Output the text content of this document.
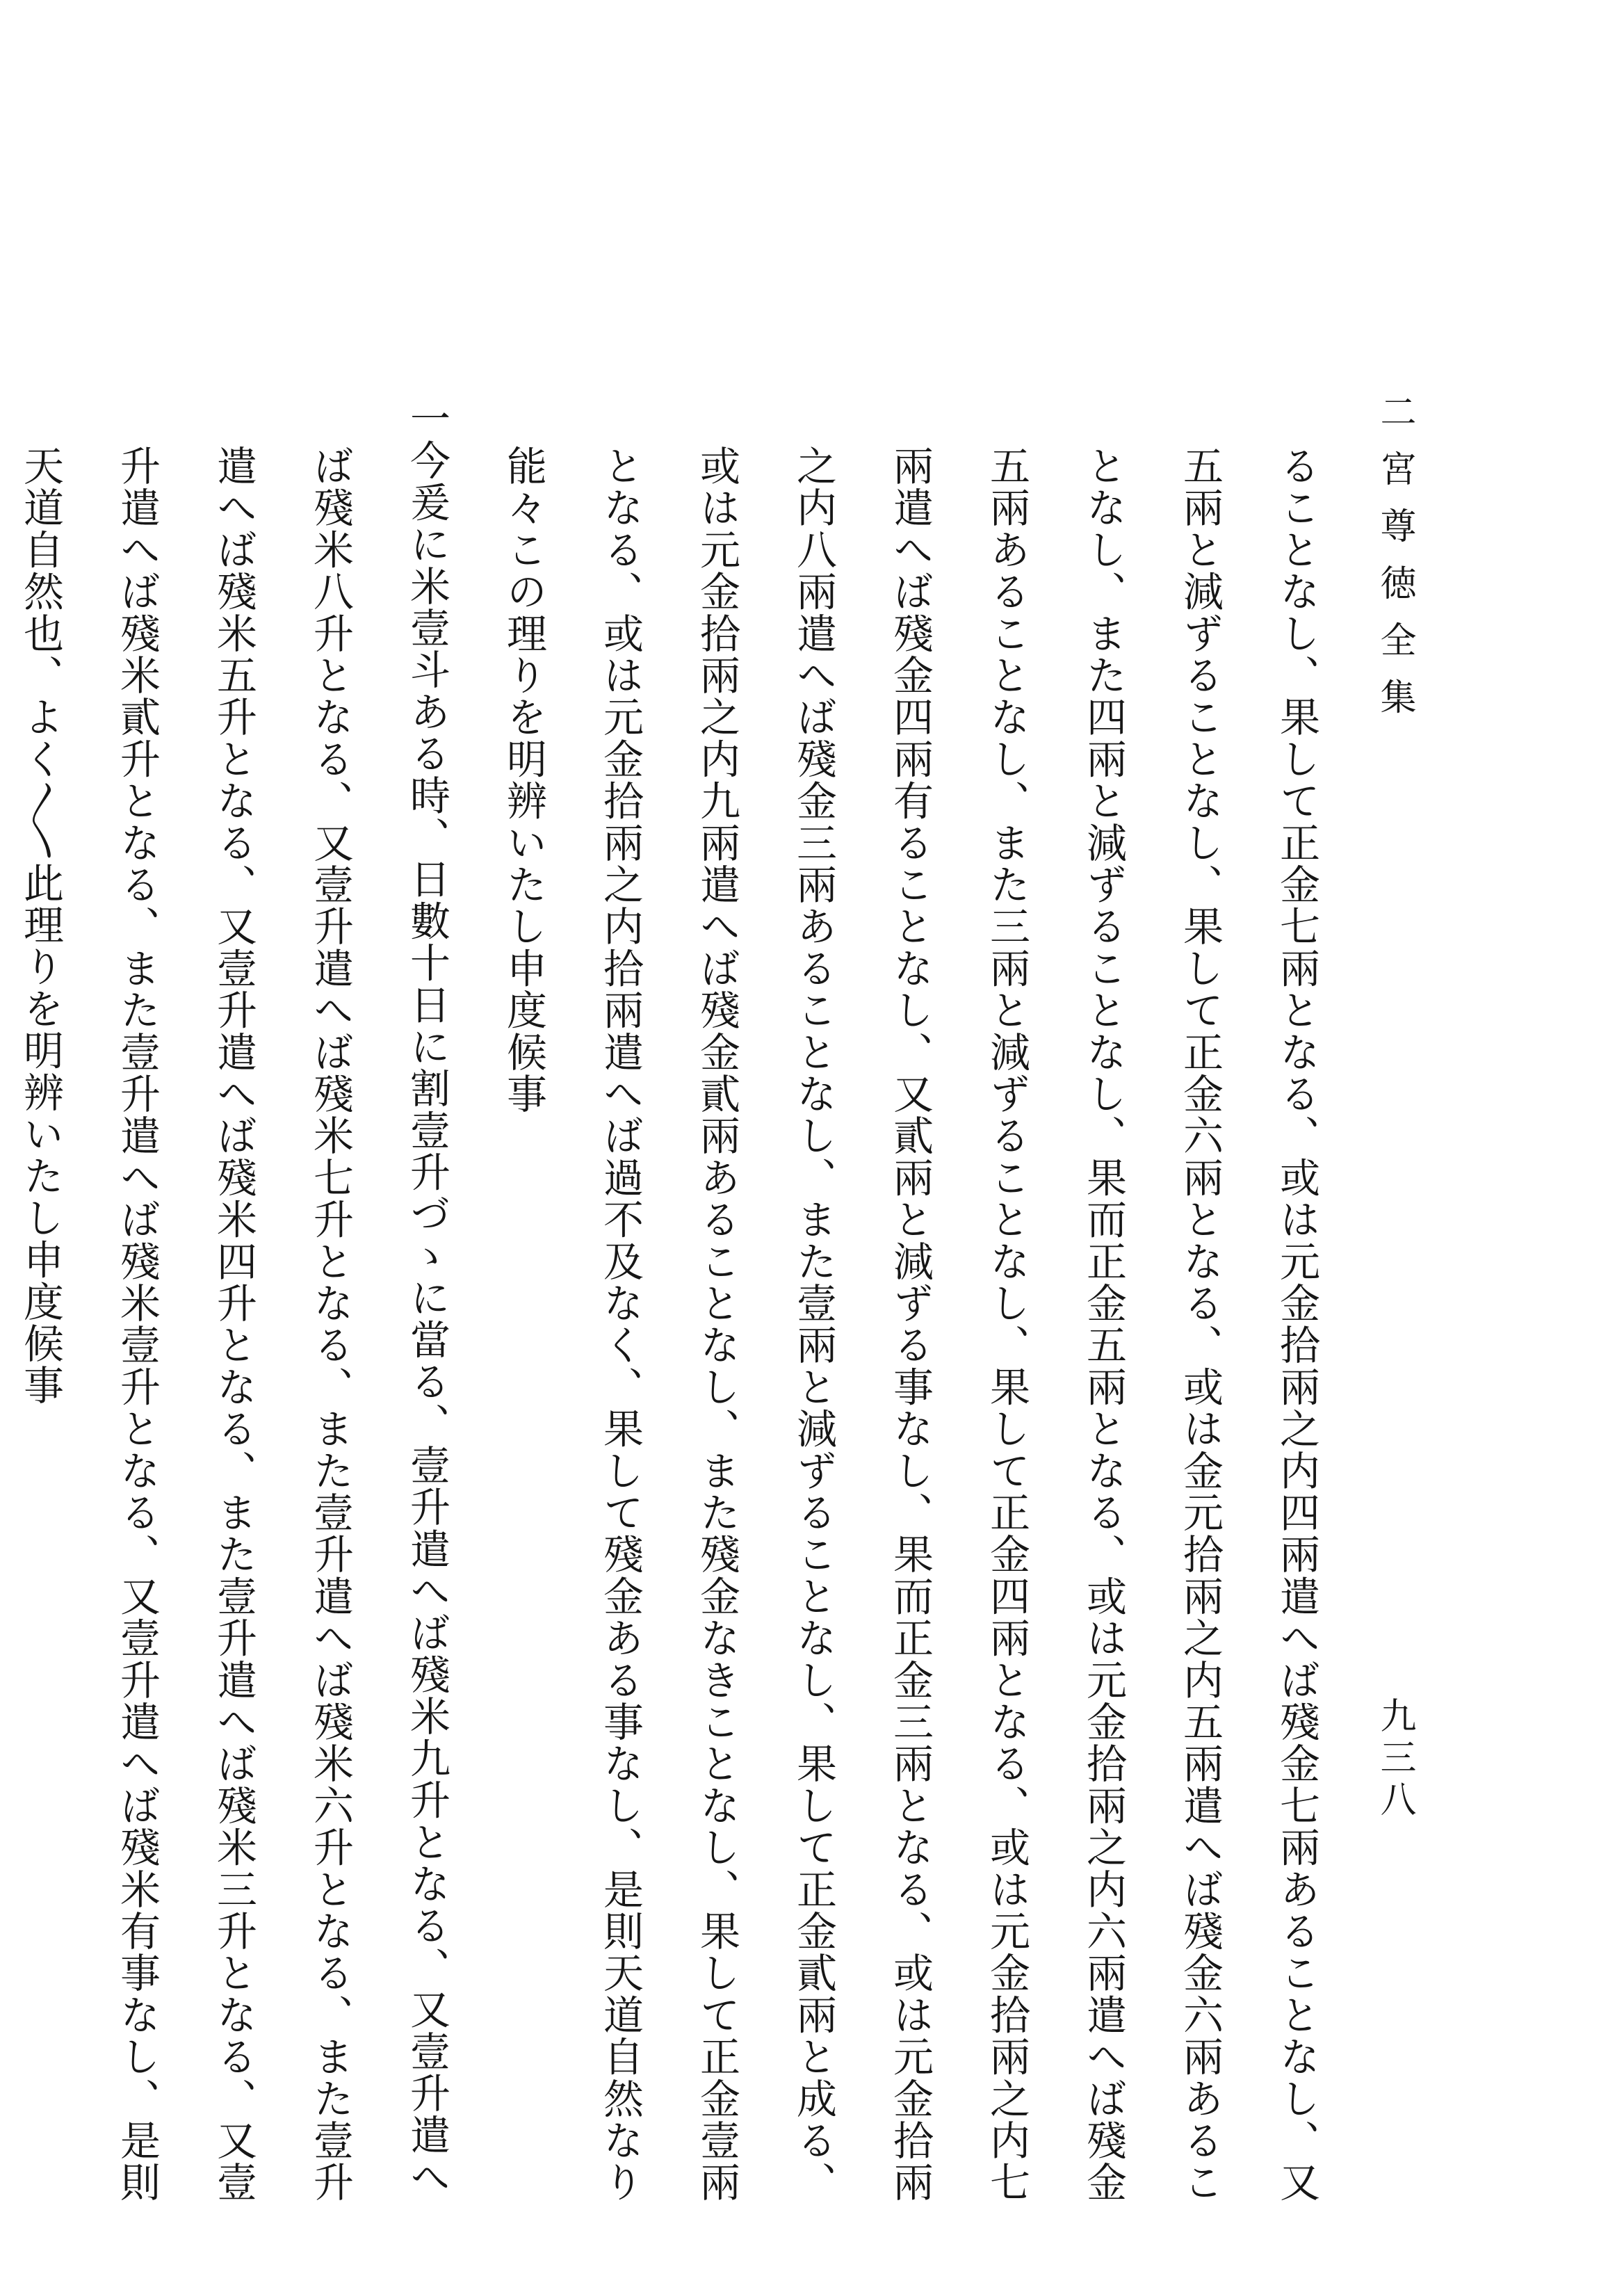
二宮尊徳全集
九三八
ることなし、果して正金七兩となる、或は元金拾兩之内四兩遣へば殘金七兩あることなし、又
五兩と減ずることなし、果して正金六兩となる、或は金元拾兩之内五兩遣へば殘金六兩あるこ
となし、また四兩と減ずることなし、果而正金五兩となる、或は元金拾兩之内六兩遣へば殘金
五兩あることなし、また三兩と減ずることなし、果して正金四兩となる、或は元金拾兩之内七
兩遣へば殘金四兩有ることなし、又貳兩と減ずる事なし、果而正金三兩となる、或は元金拾兩
之内八兩遣へば殘金三兩あることなし、また壹兩と減ずることなし、果して正金貳兩と成る、
或は元金拾兩之内九兩遣へば殘金貳兩あることなし、また殘金なきことなし、果して正金壹兩
となる、或は元金拾兩之内拾兩遣へば過不及なく、果して殘金ある事なし、是則天道自然なり
能々この理りを明辨いたし申度候事
一今爰に米壹斗ある時、日數十日に割壹升づゝに當る、壹升遣へば殘米九升となる、又壹升遣へ
ば殘米八升となる、又壹升遣へば殘米七升となる、また壹升遣へば殘米六升となる、また壹升
遣へば殘米五升となる、又壹升遣へば殘米四升となる、また壹升遣へば殘米三升となる、又壹
升遣へば殘米貳升となる、また壹升遣へば殘米壹升となる、又壹升遣へば殘米有事なし、是則
天道自然也、よく〳〵此理りを明辨いたし申度候事
